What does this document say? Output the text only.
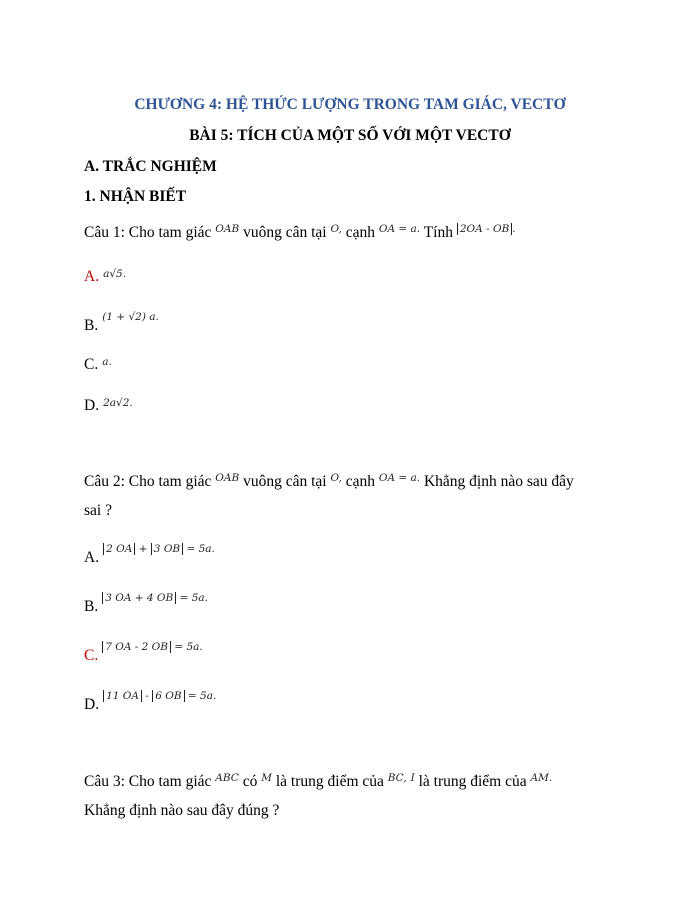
CHƯƠNG 4: HỆ THỨC LƯỢNG TRONG TAM GIÁC, VECTƠ
BÀI 5: TÍCH CỦA MỘT SỐ VỚI MỘT VECTƠ
A. TRẮC NGHIỆM
1. NHẬN BIẾT
Câu 1: Cho tam giác $^{OAB}$ vuông cân tại $^{O,}$ cạnh $^{OA = a.}$ Tính $^{2OA - OB}$ .
A. $^{a√5.}$
B. $^{(1 + √2) a.}$
C. $^{a.}$
D. $^{2a√2.}$
Câu 2: Cho tam giác $^{OAB}$ vuông cân tại $^{O,}$ cạnh $^{OA = a.}$ Khẳng định nào sau đây
sai ?
A. $^{2 OA + 3 OB = 5a.}$
B. $^{3 OA + 4 OB = 5a.}$
C. $^{7 OA - 2 OB = 5a.}$
D. $^{11 OA - 6 OB = 5a.}$
Câu 3: Cho tam giác $^{ABC}$ có $^M$ là trung điểm của $^{BC,}$ $^I$ là trung điểm của $^{AM.}$
Khẳng định nào sau đây đúng ?
